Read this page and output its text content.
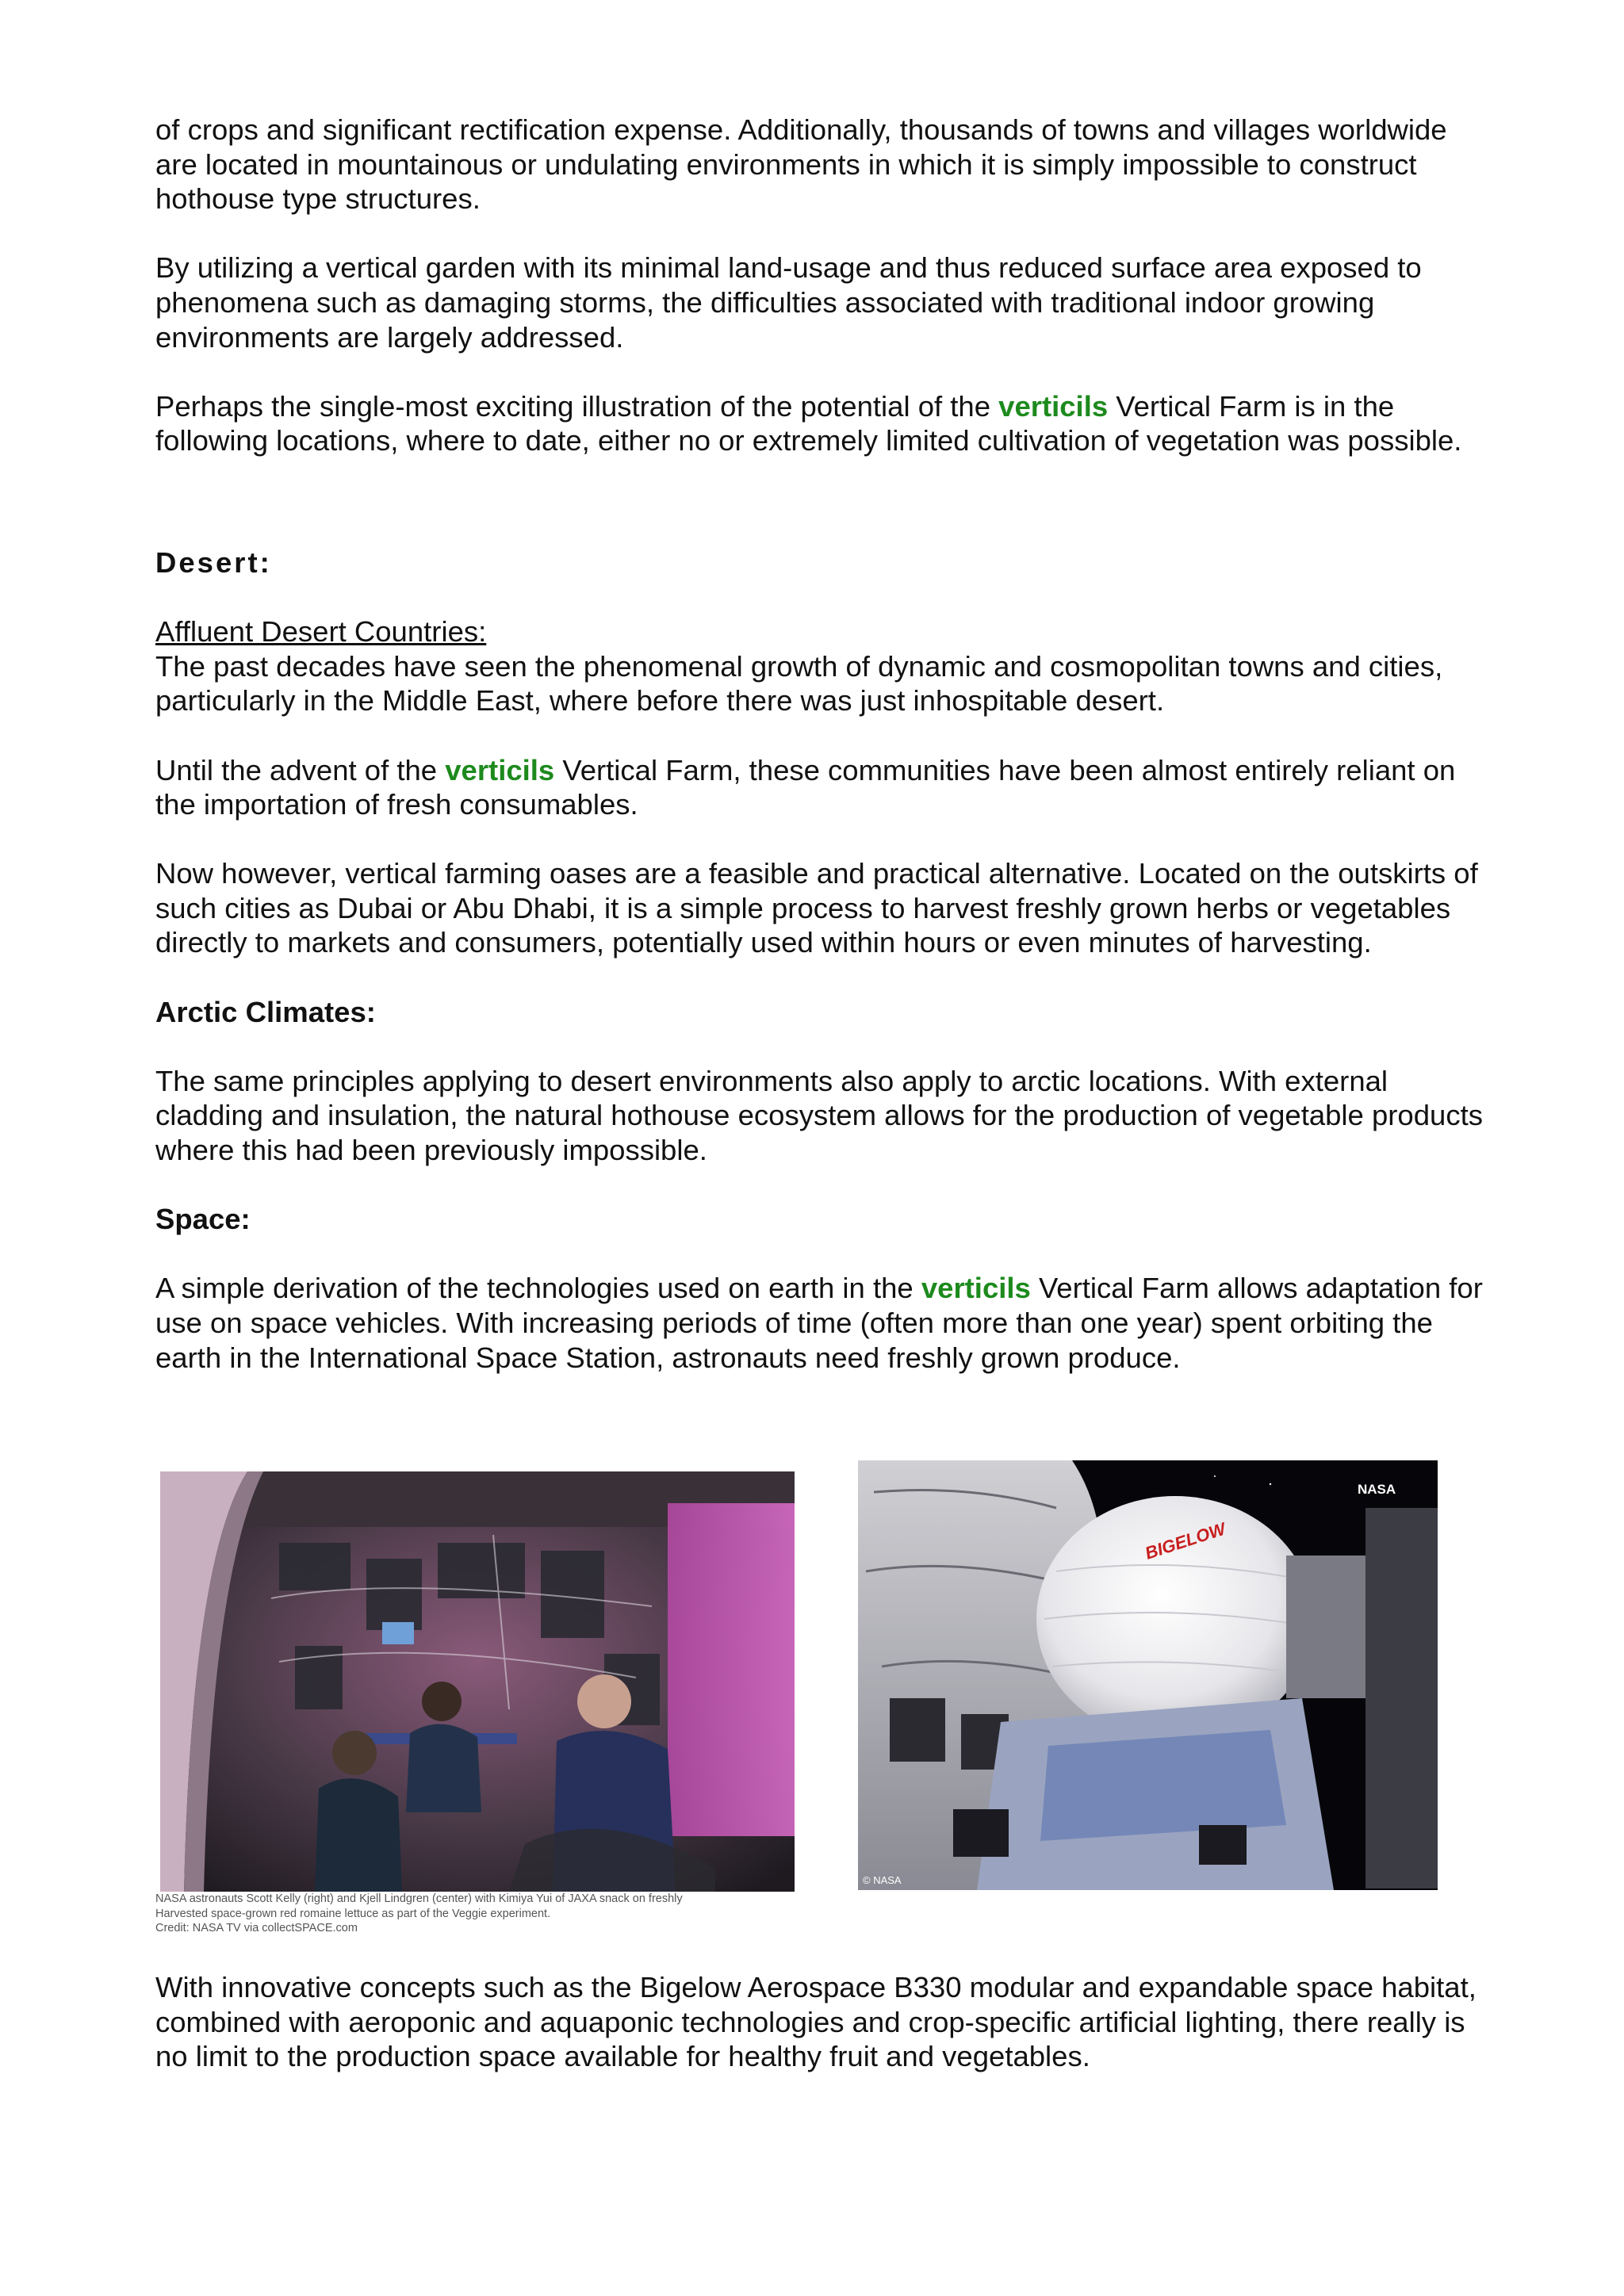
of crops and significant rectification expense. Additionally, thousands of towns and villages worldwide are located in mountainous or undulating environments in which it is simply impossible to construct hothouse type structures.

By utilizing a vertical garden with its minimal land-usage and thus reduced surface area exposed to phenomena such as damaging storms, the difficulties associated with traditional indoor growing environments are largely addressed.

Perhaps the single-most exciting illustration of the potential of the verticils Vertical Farm is in the following locations, where to date, either no or extremely limited cultivation of vegetation was possible.

Desert:

Affluent Desert Countries:

The past decades have seen the phenomenal growth of dynamic and cosmopolitan towns and cities, particularly in the Middle East, where before there was just inhospitable desert.

Until the advent of the verticils Vertical Farm, these communities have been almost entirely reliant on the importation of fresh consumables.

Now however, vertical farming oases are a feasible and practical alternative. Located on the outskirts of such cities as Dubai or Abu Dhabi, it is a simple process to harvest freshly grown herbs or vegetables directly to markets and consumers, potentially used within hours or even minutes of harvesting.

Arctic Climates:

The same principles applying to desert environments also apply to arctic locations. With external cladding and insulation, the natural hothouse ecosystem allows for the production of vegetable products where this had been previously impossible.

Space:

A simple derivation of the technologies used on earth in the verticils Vertical Farm allows adaptation for use on space vehicles. With increasing periods of time (often more than one year) spent orbiting the earth in the International Space Station, astronauts need freshly grown produce.

NASA
BIGELOW
© NASA
NASA astronauts Scott Kelly (right) and Kjell Lindgren (center) with Kimiya Yui of JAXA snack on freshly
Harvested space-grown red romaine lettuce as part of the Veggie experiment.
Credit: NASA TV via collectSPACE.com

With innovative concepts such as the Bigelow Aerospace B330 modular and expandable space habitat, combined with aeroponic and aquaponic technologies and crop-specific artificial lighting, there really is no limit to the production space available for healthy fruit and vegetables.
